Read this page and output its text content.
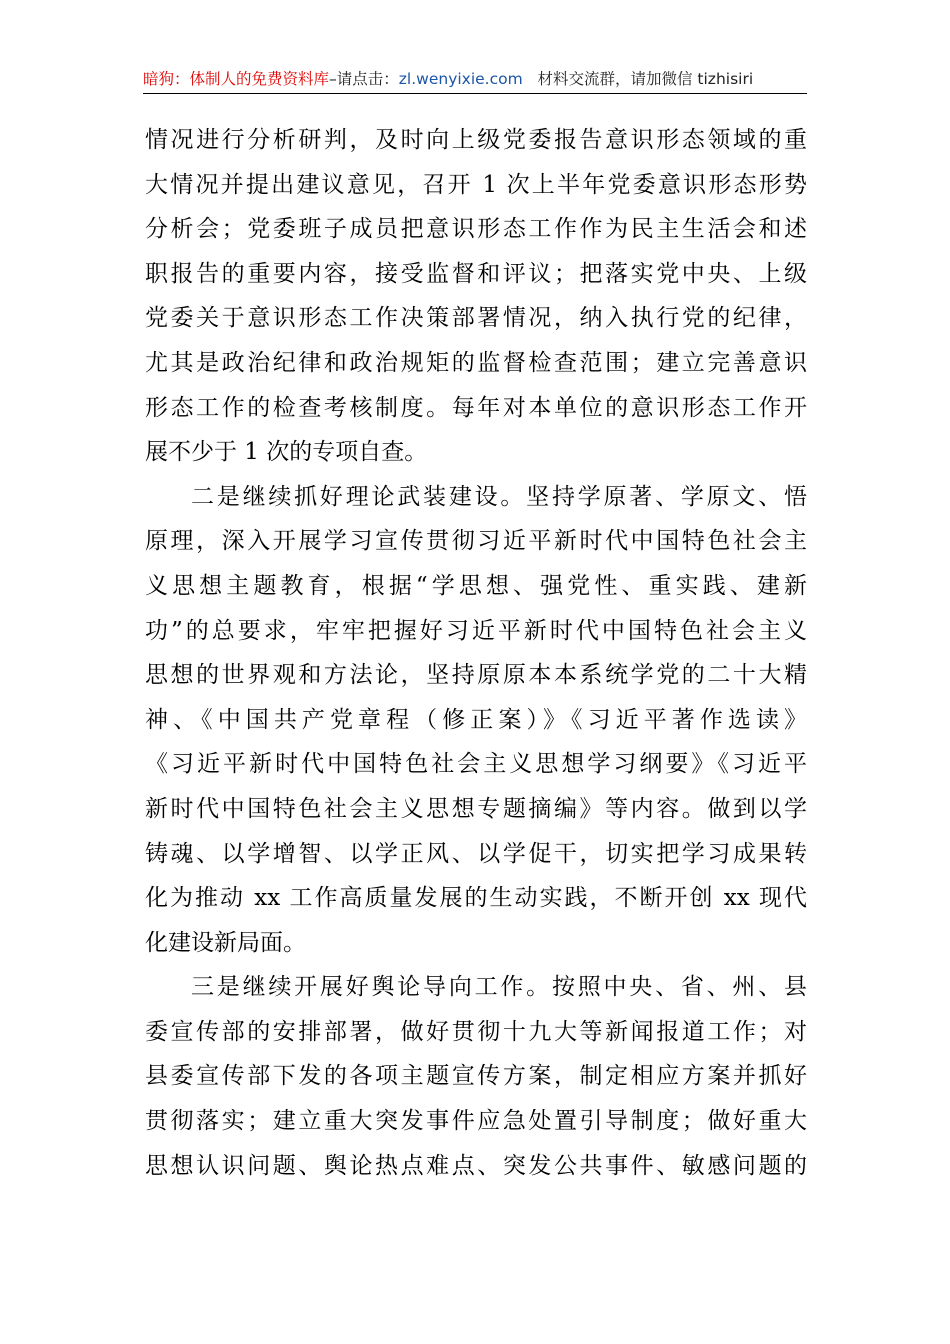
暗狗：体制人的免费资料库–请点击：zl.wenyixie.com 材料交流群，请加微信 tizhisiri
情况进行分析研判，及时向上级党委报告意识形态领域的重
大情况并提出建议意见，召开 1 次上半年党委意识形态形势
分析会；党委班子成员把意识形态工作作为民主生活会和述
职报告的重要内容，接受监督和评议；把落实党中央、上级
党委关于意识形态工作决策部署情况，纳入执行党的纪律，
尤其是政治纪律和政治规矩的监督检查范围；建立完善意识
形态工作的检查考核制度。每年对本单位的意识形态工作开
展不少于 1 次的专项自查。
二是继续抓好理论武装建设。坚持学原著、学原文、悟
原理，深入开展学习宣传贯彻习近平新时代中国特色社会主
义思想主题教育，根据“学思想、强党性、重实践、建新
功”的总要求，牢牢把握好习近平新时代中国特色社会主义
思想的世界观和方法论，坚持原原本本系统学党的二十大精
神、《中国共产党章程（修正案）》《习近平著作选读》
《习近平新时代中国特色社会主义思想学习纲要》《习近平
新时代中国特色社会主义思想专题摘编》等内容。做到以学
铸魂、以学增智、以学正风、以学促干，切实把学习成果转
化为推动 xx 工作高质量发展的生动实践，不断开创 xx 现代
化建设新局面。
三是继续开展好舆论导向工作。按照中央、省、州、县
委宣传部的安排部署，做好贯彻十九大等新闻报道工作；对
县委宣传部下发的各项主题宣传方案，制定相应方案并抓好
贯彻落实；建立重大突发事件应急处置引导制度；做好重大
思想认识问题、舆论热点难点、突发公共事件、敏感问题的
